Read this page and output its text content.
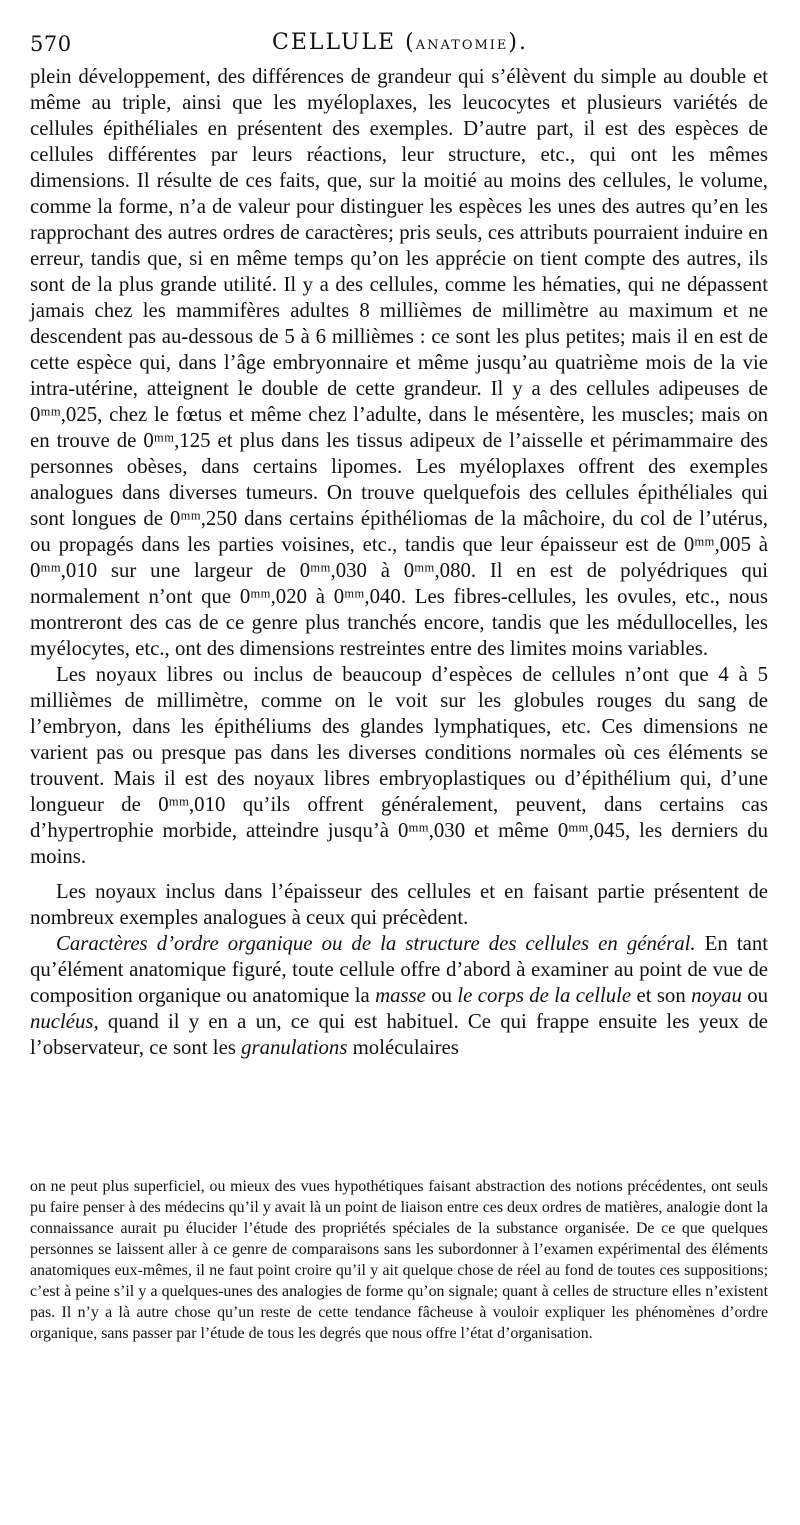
570	CELLULE (ANATOMIE).

plein développement, des différences de grandeur qui s’élèvent du simple au double et même au triple, ainsi que les myéloplaxes, les leucocytes et plusieurs variétés de cellules épithéliales en présentent des exemples. D’autre part, il est des espèces de cellules différentes par leurs réactions, leur structure, etc., qui ont les mêmes dimensions. Il résulte de ces faits, que, sur la moitié au moins des cellules, le volume, comme la forme, n’a de valeur pour distinguer les espèces les unes des autres qu’en les rapprochant des autres ordres de caractères; pris seuls, ces attributs pourraient induire en erreur, tandis que, si en même temps qu’on les apprécie on tient compte des autres, ils sont de la plus grande utilité. Il y a des cellules, comme les hématies, qui ne dépassent jamais chez les mammifères adultes 8 millièmes de millimètre au maximum et ne descendent pas au-dessous de 5 à 6 millièmes : ce sont les plus petites; mais il en est de cette espèce qui, dans l’âge embryonnaire et même jusqu’au quatrième mois de la vie intra-utérine, atteignent le double de cette grandeur. Il y a des cellules adipeuses de 0ᵐᵐ,025, chez le fœtus et même chez l’adulte, dans le mésentère, les muscles; mais on en trouve de 0ᵐᵐ,125 et plus dans les tissus adipeux de l’aisselle et périmammaire des personnes obèses, dans certains lipomes. Les myéloplaxes offrent des exemples analogues dans diverses tumeurs. On trouve quelquefois des cellules épithéliales qui sont longues de 0ᵐᵐ,250 dans certains épithéliomas de la mâchoire, du col de l’utérus, ou propagés dans les parties voisines, etc., tandis que leur épaisseur est de 0ᵐᵐ,005 à 0ᵐᵐ,010 sur une largeur de 0ᵐᵐ,030 à 0ᵐᵐ,080. Il en est de polyédriques qui normalement n’ont que 0ᵐᵐ,020 à 0ᵐᵐ,040. Les fibres-cellules, les ovules, etc., nous montreront des cas de ce genre plus tranchés encore, tandis que les médullocelles, les myélocytes, etc., ont des dimensions restreintes entre des limites moins variables.

Les noyaux libres ou inclus de beaucoup d’espèces de cellules n’ont que 4 à 5 millièmes de millimètre, comme on le voit sur les globules rouges du sang de l’embryon, dans les épithéliums des glandes lymphatiques, etc. Ces dimensions ne varient pas ou presque pas dans les diverses conditions normales où ces éléments se trouvent. Mais il est des noyaux libres embryoplastiques ou d’épithélium qui, d’une longueur de 0ᵐᵐ,010 qu’ils offrent généralement, peuvent, dans certains cas d’hypertrophie morbide, atteindre jusqu’à 0ᵐᵐ,030 et même 0ᵐᵐ,045, les derniers du moins.

Les noyaux inclus dans l’épaisseur des cellules et en faisant partie présentent de nombreux exemples analogues à ceux qui précèdent.

Caractères d’ordre organique ou de la structure des cellules en général. En tant qu’élément anatomique figuré, toute cellule offre d’abord à examiner au point de vue de composition organique ou anatomique la masse ou le corps de la cellule et son noyau ou nucléus, quand il y en a un, ce qui est habituel. Ce qui frappe ensuite les yeux de l’observateur, ce sont les granulations moléculaires

on ne peut plus superficiel, ou mieux des vues hypothétiques faisant abstraction des notions précédentes, ont seuls pu faire penser à des médecins qu’il y avait là un point de liaison entre ces deux ordres de matières, analogie dont la connaissance aurait pu élucider l’étude des propriétés spéciales de la substance organisée. De ce que quelques personnes se laissent aller à ce genre de comparaisons sans les subordonner à l’examen expérimental des éléments anatomiques eux-mêmes, il ne faut point croire qu’il y ait quelque chose de réel au fond de toutes ces suppositions; c’est à peine s’il y a quelques-unes des analogies de forme qu’on signale; quant à celles de structure elles n’existent pas. Il n’y a là autre chose qu’un reste de cette tendance fâcheuse à vouloir expliquer les phénomènes d’ordre organique, sans passer par l’étude de tous les degrés que nous offre l’état d’organisation.
